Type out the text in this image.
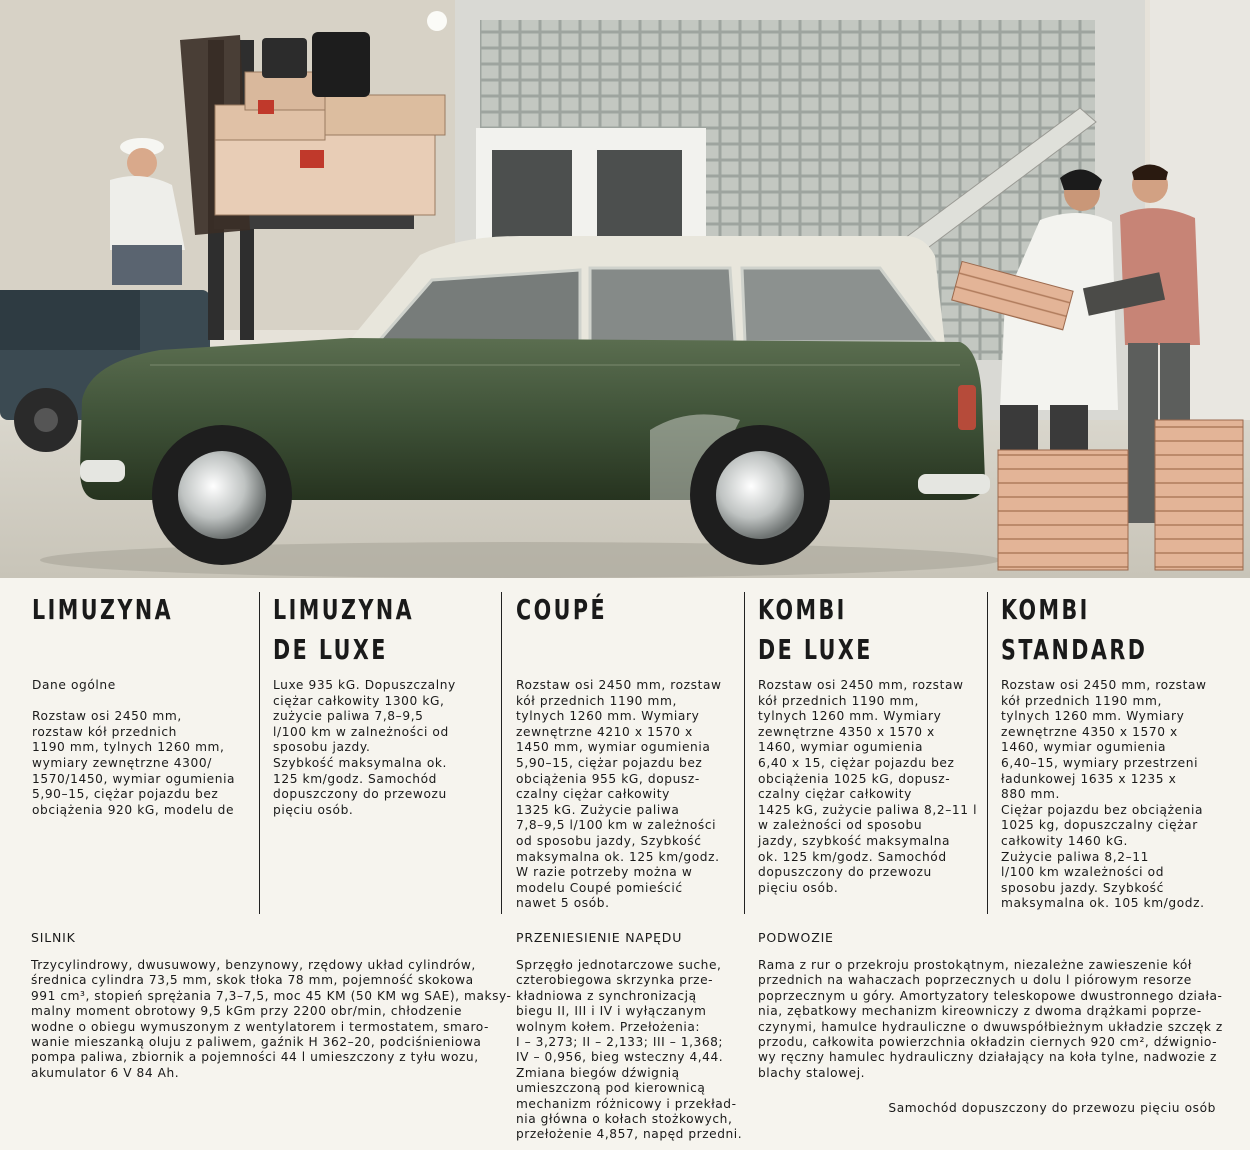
LIMUZYNA
Dane ogólne

Rozstaw osi 2450 mm,
rozstaw kół przednich
1190 mm, tylnych 1260 mm,
wymiary zewnętrzne 4300/
1570/1450, wymiar ogumienia
5,90–15, ciężar pojazdu bez
obciążenia 920 kG, modelu de
LIMUZYNA
DE LUXE
Luxe 935 kG. Dopuszczalny
ciężar całkowity 1300 kG,
zużycie paliwa 7,8–9,5
l/100 km w zalneżności od
sposobu jazdy.
Szybkość maksymalna ok.
125 km/godz. Samochód
dopuszczony do przewozu
pięciu osób.
COUPÉ
Rozstaw osi 2450 mm, rozstaw
kół przednich 1190 mm,
tylnych 1260 mm. Wymiary
zewnętrzne 4210 x 1570 x
1450 mm, wymiar ogumienia
5,90–15, ciężar pojazdu bez
obciążenia 955 kG, dopusz-
czalny ciężar całkowity
1325 kG. Zużycie paliwa
7,8–9,5 l/100 km w zależności
od sposobu jazdy, Szybkość
maksymalna ok. 125 km/godz.
W razie potrzeby można w
modelu Coupé pomieścić
nawet 5 osób.
KOMBI
DE LUXE
Rozstaw osi 2450 mm, rozstaw
kół przednich 1190 mm,
tylnych 1260 mm. Wymiary
zewnętrzne 4350 x 1570 x
1460, wymiar ogumienia
6,40 x 15, ciężar pojazdu bez
obciążenia 1025 kG, dopusz-
czalny ciężar całkowity
1425 kG, zużycie paliwa 8,2–11 l
w zależności od sposobu
jazdy, szybkość maksymalna
ok. 125 km/godz. Samochód
dopuszczony do przewozu
pięciu osób.
KOMBI
STANDARD
Rozstaw osi 2450 mm, rozstaw
kół przednich 1190 mm,
tylnych 1260 mm. Wymiary
zewnętrzne 4350 x 1570 x
1460, wymiar ogumienia
6,40–15, wymiary przestrzeni
ładunkowej 1635 x 1235 x
880 mm.
Ciężar pojazdu bez obciążenia
1025 kg, dopuszczalny ciężar
całkowity 1460 kG.
Zużycie paliwa 8,2–11
l/100 km wzależności od
sposobu jazdy. Szybkość
maksymalna ok. 105 km/godz.
SILNIK
Trzycylindrowy, dwusuwowy, benzynowy, rzędowy układ cylindrów,
średnica cylindra 73,5 mm, skok tłoka 78 mm, pojemność skokowa
991 cm³, stopień sprężania 7,3–7,5, moc 45 KM (50 KM wg SAE), maksy-
malny moment obrotowy 9,5 kGm przy 2200 obr/min, chłodzenie
wodne o obiegu wymuszonym z wentylatorem i termostatem, smaro-
wanie mieszanką oluju z paliwem, gaźnik H 362–20, podciśnieniowa
pompa paliwa, zbiornik a pojemności 44 l umieszczony z tyłu wozu,
akumulator 6 V 84 Ah.
PRZENIESIENIE NAPĘDU
Sprzęgło jednotarczowe suche,
czterobiegowa skrzynka prze-
kładniowa z synchronizacją
biegu II, III i IV i wyłączanym
wolnym kołem. Przełożenia:
I – 3,273; II – 2,133; III – 1,368;
IV – 0,956, bieg wsteczny 4,44.
Zmiana biegów dźwignią
umieszczoną pod kierownicą
mechanizm różnicowy i przekład-
nia główna o kołach stożkowych,
przełożenie 4,857, napęd przedni.
PODWOZIE
Rama z rur o przekroju prostokątnym, niezależne zawieszenie kół
przednich na wahaczach poprzecznych u dolu l piórowym resorze
poprzecznym u góry. Amortyzatory teleskopowe dwustronnego działa-
nia, zębatkowy mechanizm kireowniczy z dwoma drążkami poprze-
czynymi, hamulce hydrauliczne o dwuwspółbieżnym układzie szczęk z
przodu, całkowita powierzchnia okładzin ciernych 920 cm², dźwignio-
wy ręczny hamulec hydrauliczny działający na koła tylne, nadwozie z
blachy stalowej.
Samochód dopuszczony do przewozu pięciu osób
